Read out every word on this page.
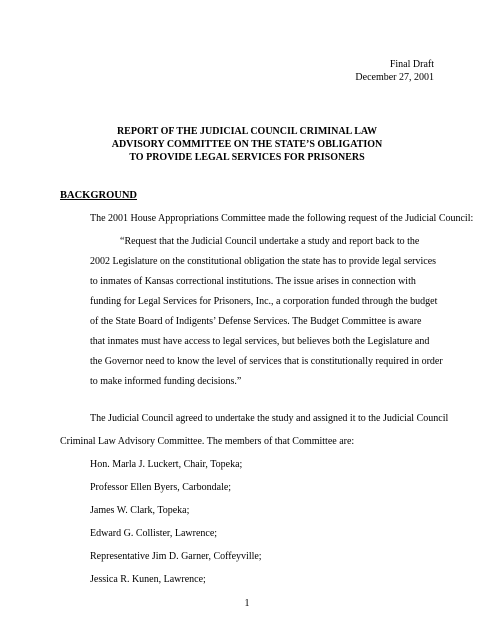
Final Draft

December 27, 2001

REPORT OF THE JUDICIAL COUNCIL CRIMINAL LAW

ADVISORY COMMITTEE ON THE STATE’S OBLIGATION

TO PROVIDE LEGAL SERVICES FOR PRISONERS

BACKGROUND

The 2001 House Appropriations Committee made the following request of the Judicial Council:

“Request that the Judicial Council undertake a study and report back to the

2002 Legislature on the constitutional obligation the state has to provide legal services

to inmates of Kansas correctional institutions. The issue arises in connection with

funding for Legal Services for Prisoners, Inc., a corporation funded through the budget

of the State Board of Indigents’ Defense Services. The Budget Committee is aware

that inmates must have access to legal services, but believes both the Legislature and

the Governor need to know the level of services that is constitutionally required in order

to make informed funding decisions.”

The Judicial Council agreed to undertake the study and assigned it to the Judicial Council

Criminal Law Advisory Committee. The members of that Committee are:

Hon. Marla J. Luckert, Chair, Topeka;

Professor Ellen Byers, Carbondale;

James W. Clark, Topeka;

Edward G. Collister, Lawrence;

Representative Jim D. Garner, Coffeyville;

Jessica R. Kunen, Lawrence;

1
